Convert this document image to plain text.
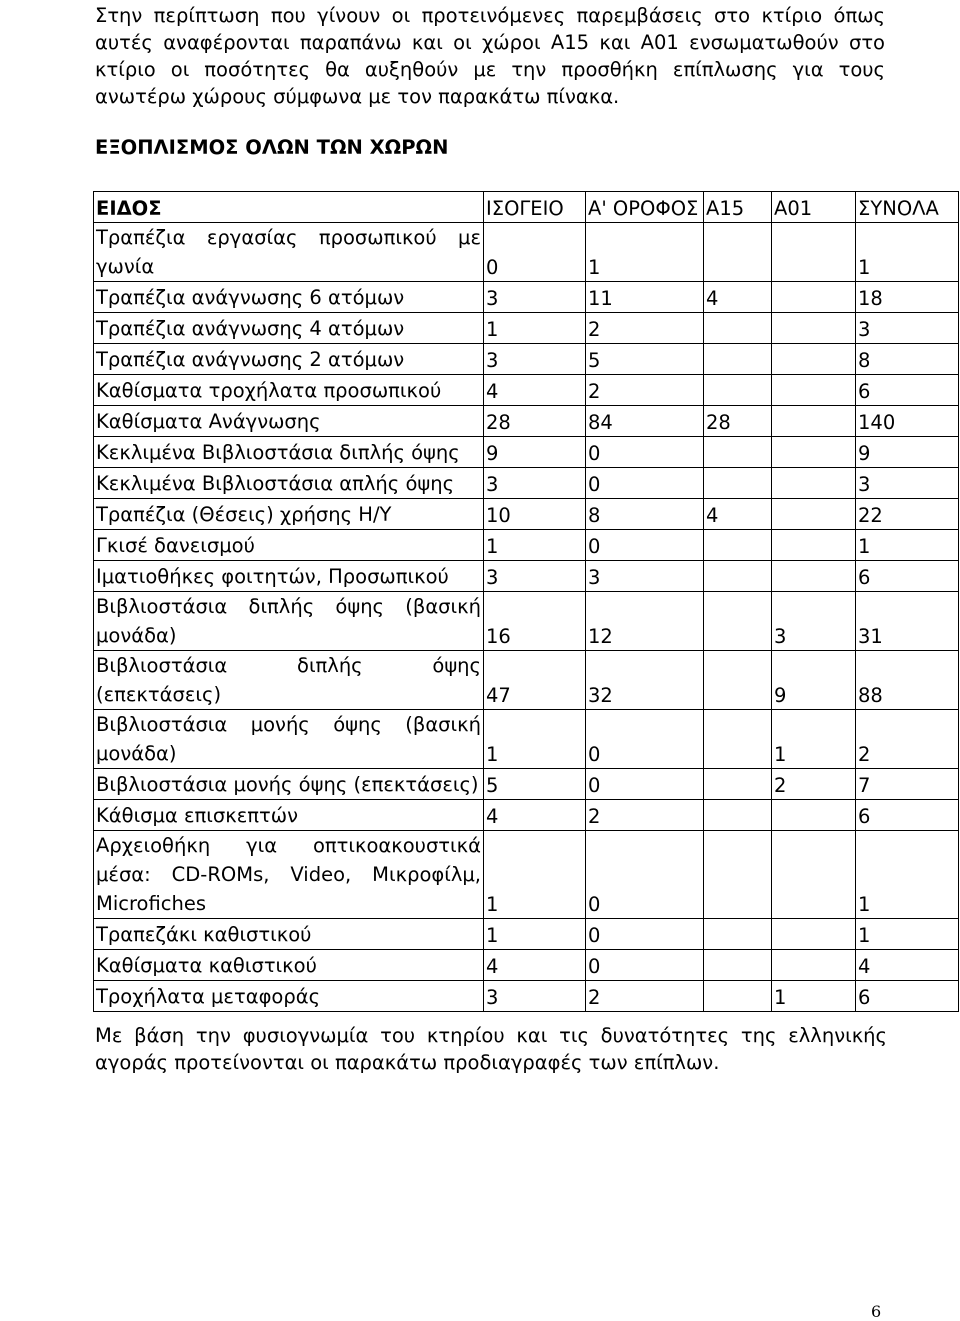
Στην περίπτωση που γίνουν οι προτεινόμενες παρεμβάσεις στο κτίριο όπως αυτές αναφέρονται παραπάνω και οι χώροι Α15 και Α01 ενσωματωθούν στο κτίριο οι ποσότητες θα αυξηθούν με την προσθήκη επίπλωσης για τους ανωτέρω χώρους σύμφωνα με τον παρακάτω πίνακα.

ΕΞΟΠΛΙΣΜΟΣ ΟΛΩΝ ΤΩΝ ΧΩΡΩΝ

ΕΙΔΟΣ	ΙΣΟΓΕΙΟ	Α' ΟΡΟΦΟΣ	Α15	Α01	ΣΥΝΟΛΑ
Τραπέζια εργασίας προσωπικού με γωνία	0	1			1
Τραπέζια ανάγνωσης 6 ατόμων	3	11	4		18
Τραπέζια ανάγνωσης 4 ατόμων	1	2			3
Τραπέζια ανάγνωσης 2 ατόμων	3	5			8
Καθίσματα τροχήλατα προσωπικού	4	2			6
Καθίσματα Ανάγνωσης	28	84	28		140
Κεκλιμένα Βιβλιοστάσια διπλής όψης	9	0			9
Κεκλιμένα Βιβλιοστάσια απλής όψης	3	0			3
Τραπέζια (Θέσεις) χρήσης Η/Υ	10	8	4		22
Γκισέ δανεισμού	1	0			1
Ιματιοθήκες φοιτητών, Προσωπικού	3	3			6
Βιβλιοστάσια διπλής όψης (βασική μονάδα)	16	12		3	31
Βιβλιοστάσια διπλής όψης (επεκτάσεις)	47	32		9	88
Βιβλιοστάσια μονής όψης (βασική μονάδα)	1	0		1	2
Βιβλιοστάσια μονής όψης (επεκτάσεις)	5	0		2	7
Κάθισμα επισκεπτών	4	2			6
Αρχειοθήκη για οπτικοακουστικά μέσα: CD-ROMs, Video, Μικροφίλμ, Microfiches	1	0			1
Τραπεζάκι καθιστικού	1	0			1
Καθίσματα καθιστικού	4	0			4
Τροχήλατα μεταφοράς	3	2		1	6

Με βάση την φυσιογνωμία του κτηρίου και τις δυνατότητες της ελληνικής αγοράς προτείνονται οι παρακάτω προδιαγραφές των επίπλων.

6
